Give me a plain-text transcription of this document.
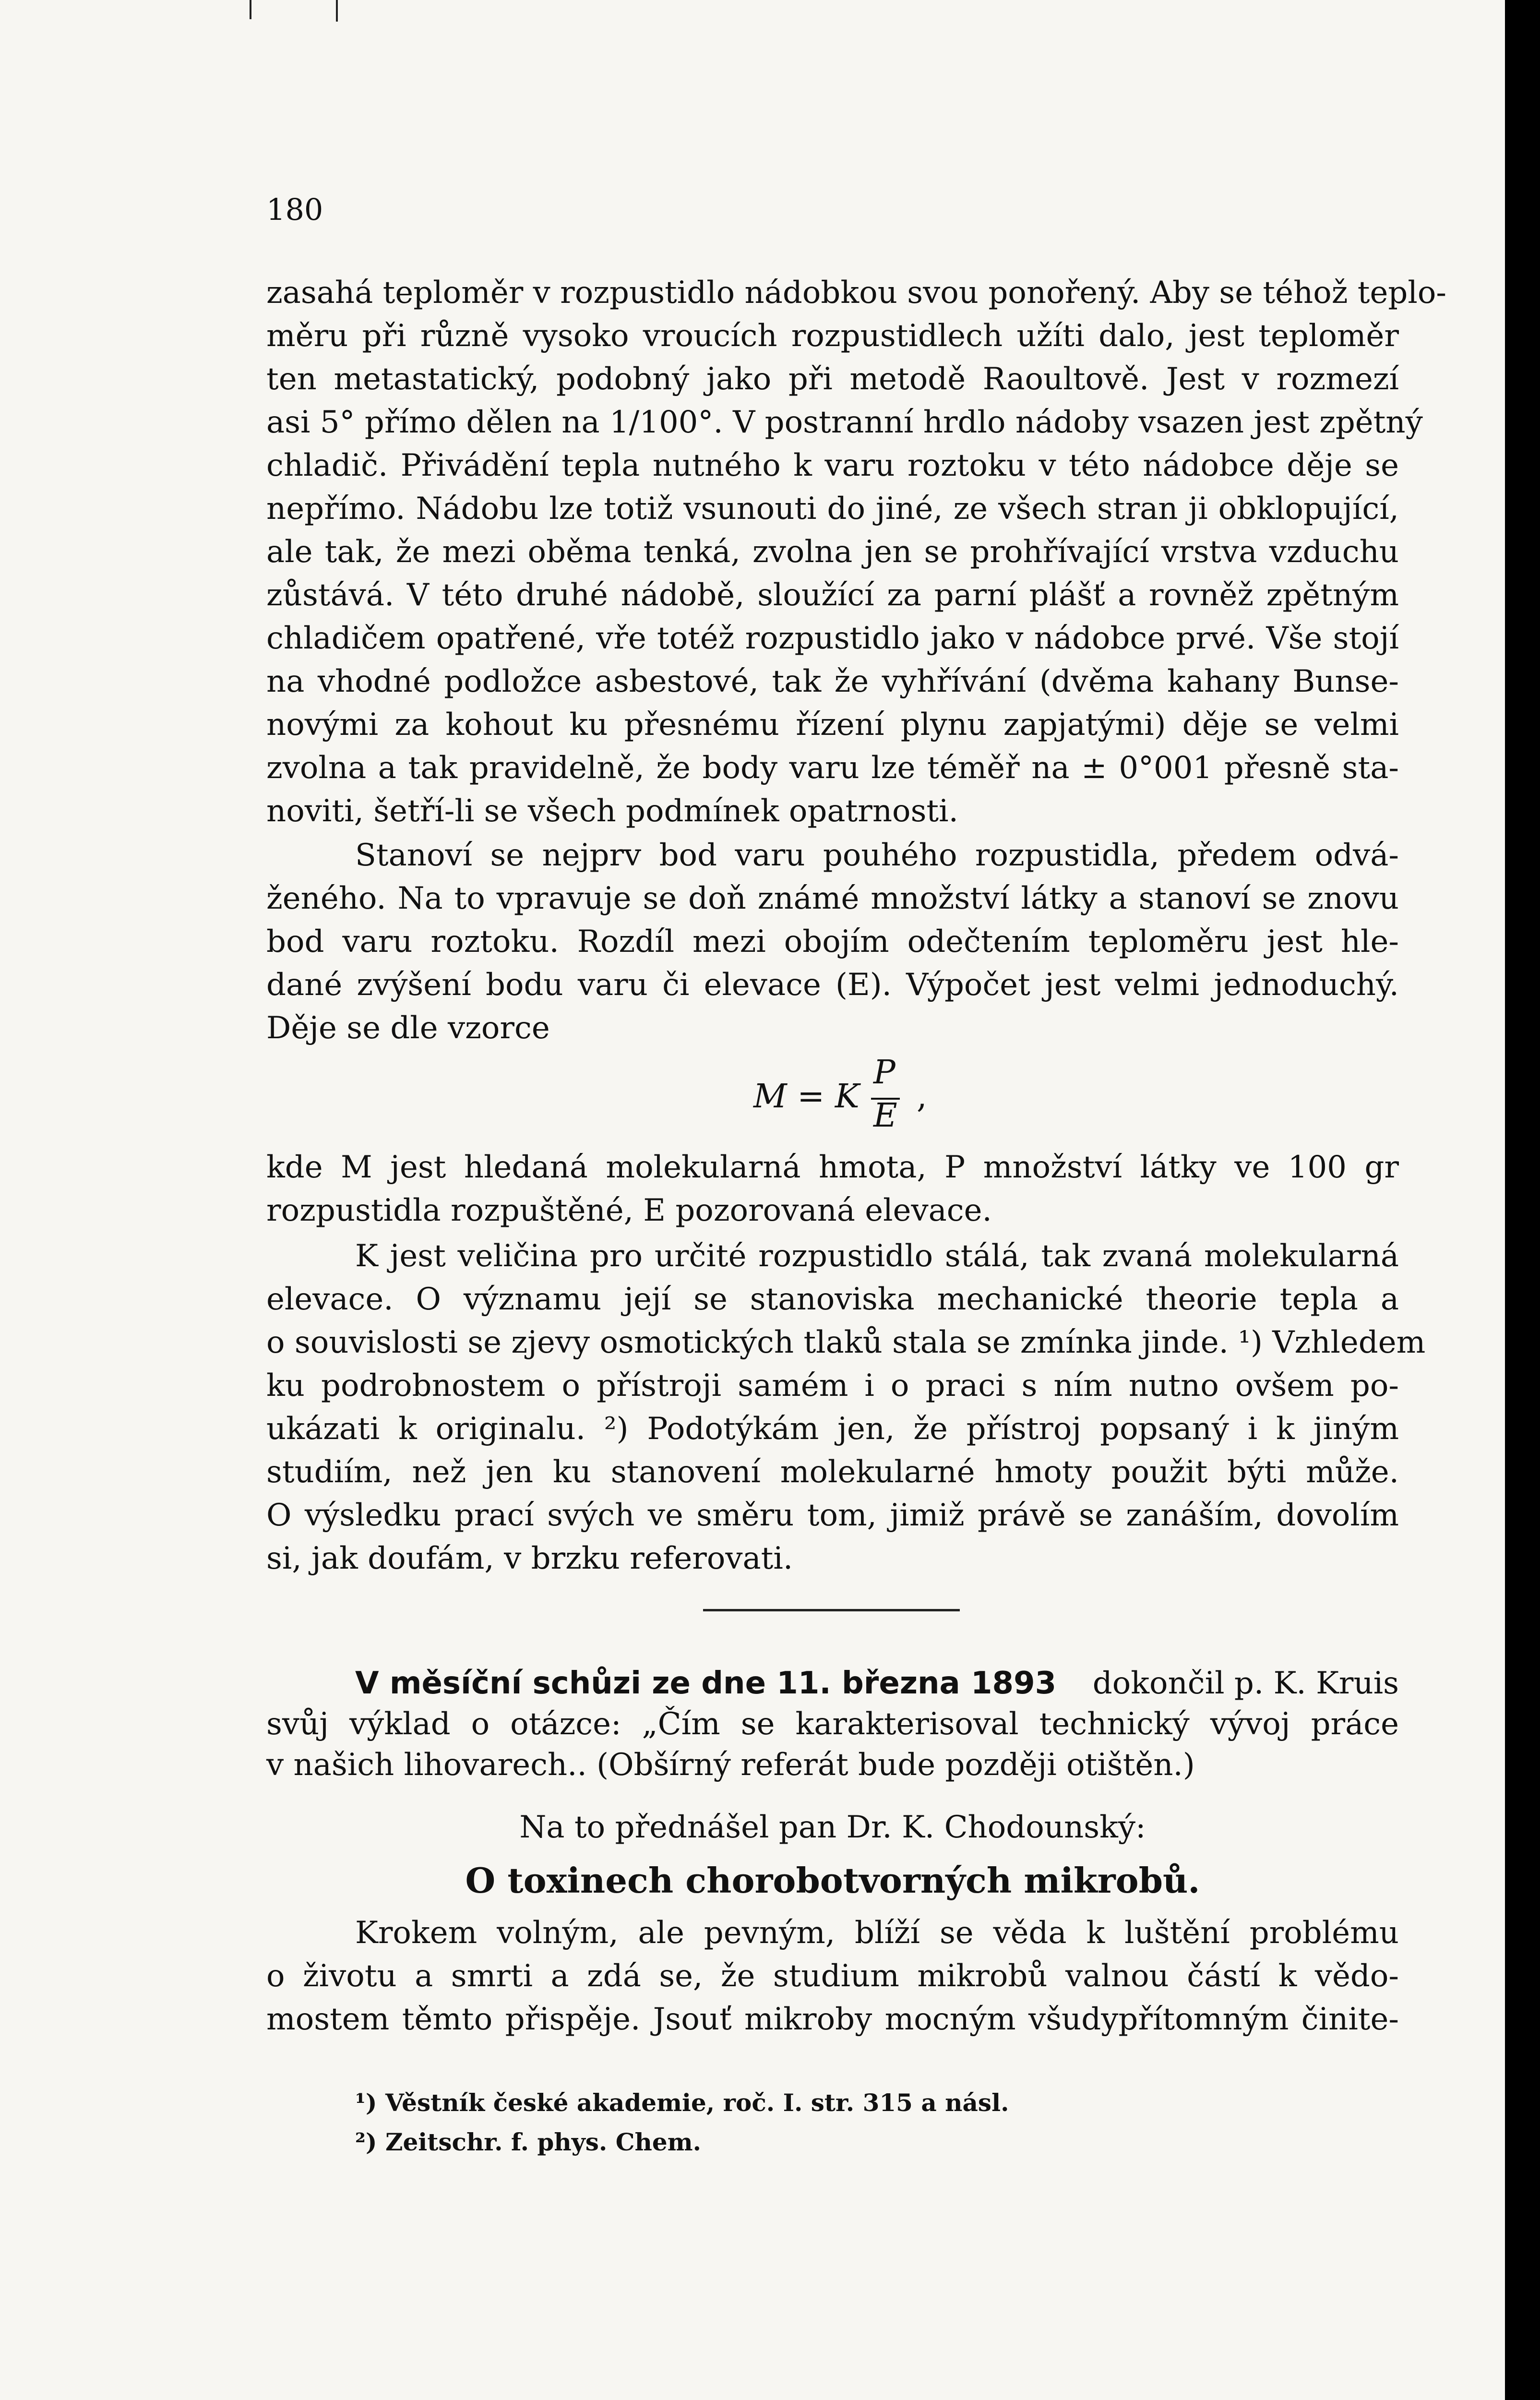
180
zasahá teploměr v rozpustidlo nádobkou svou ponořený. Aby se téhož teplo-
měru při různě vysoko vroucích rozpustidlech užíti dalo, jest teploměr
ten metastatický, podobný jako při metodě Raoultově. Jest v rozmezí
asi 5° přímo dělen na 1/100°. V postranní hrdlo nádoby vsazen jest zpětný
chladič. Přivádění tepla nutného k varu roztoku v této nádobce děje se
nepřímo. Nádobu lze totiž vsunouti do jiné, ze všech stran ji obklopující,
ale tak, že mezi oběma tenká, zvolna jen se prohřívající vrstva vzduchu
zůstává. V této druhé nádobě, sloužící za parní plášť a rovněž zpětným
chladičem opatřené, vře totéž rozpustidlo jako v nádobce prvé. Vše stojí
na vhodné podložce asbestové, tak že vyhřívání (dvěma kahany Bunse-
novými za kohout ku přesnému řízení plynu zapjatými) děje se velmi
zvolna a tak pravidelně, že body varu lze téměř na ± 0°001 přesně sta-
noviti, šetří-li se všech podmínek opatrnosti.
Stanoví se nejprv bod varu pouhého rozpustidla, předem odvá-
ženého. Na to vpravuje se doň známé množství látky a stanoví se znovu
bod varu roztoku. Rozdíl mezi obojím odečtením teploměru jest hle-
dané zvýšení bodu varu či elevace (E). Výpočet jest velmi jednoduchý.
Děje se dle vzorce
M = K
P
E
,
kde M jest hledaná molekularná hmota, P množství látky ve 100 gr
rozpustidla rozpuštěné, E pozorovaná elevace.
K jest veličina pro určité rozpustidlo stálá, tak zvaná molekularná
elevace. O významu její se stanoviska mechanické theorie tepla a
o souvislosti se zjevy osmotických tlaků stala se zmínka jinde. ¹) Vzhledem
ku podrobnostem o přístroji samém i o praci s ním nutno ovšem po-
ukázati k originalu. ²) Podotýkám jen, že přístroj popsaný i k jiným
studiím, než jen ku stanovení molekularné hmoty použit býti může.
O výsledku prací svých ve směru tom, jimiž právě se zanáším, dovolím
si, jak doufám, v brzku referovati.
V měsíční schůzi ze dne 11. března 1893 dokončil p. K. Kruis
svůj výklad o otázce: „Čím se karakterisoval technický vývoj práce
v našich lihovarech.. (Obšírný referát bude později otištěn.)
Na to přednášel pan Dr. K. Chodounský:
O toxinech chorobotvorných mikrobů.
Krokem volným, ale pevným, blíží se věda k luštění problému
o životu a smrti a zdá se, že studium mikrobů valnou částí k vědo-
mostem těmto přispěje. Jsouť mikroby mocným všudypřítomným činite-
¹) Věstník české akademie, roč. I. str. 315 a násl.
²) Zeitschr. f. phys. Chem.
